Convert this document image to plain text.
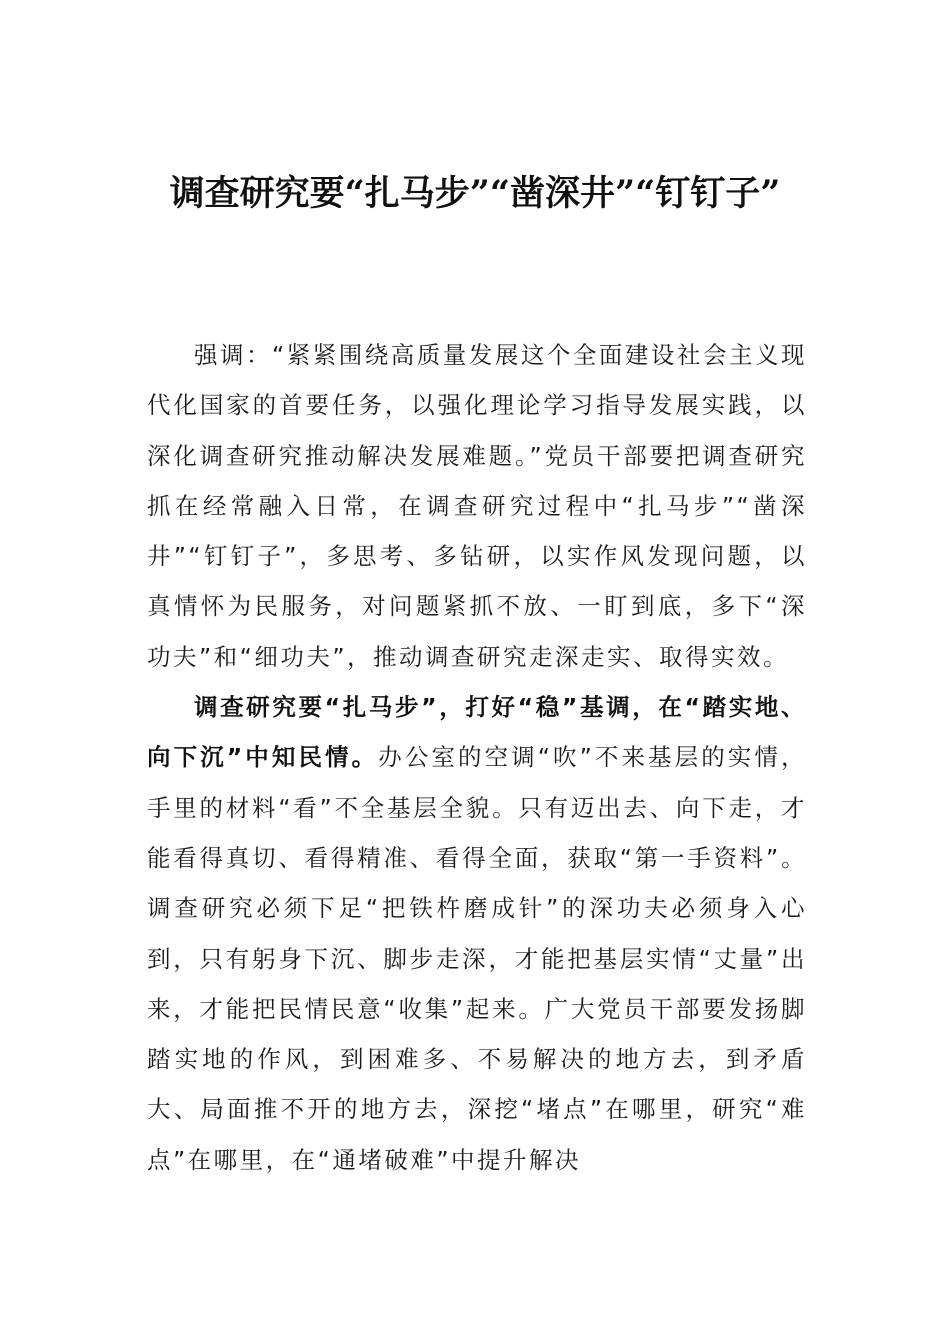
调查研究要“扎马步”“凿深井”“钉钉子”

强调：“紧紧围绕高质量发展这个全面建设社会主义现代化国家的首要任务，以强化理论学习指导发展实践，以深化调查研究推动解决发展难题。”党员干部要把调查研究抓在经常融入日常，在调查研究过程中“扎马步”“凿深井”“钉钉子”，多思考、多钻研，以实作风发现问题，以真情怀为民服务，对问题紧抓不放、一盯到底，多下“深功夫”和“细功夫”，推动调查研究走深走实、取得实效。

调查研究要“扎马步”，打好“稳”基调，在“踏实地、向下沉”中知民情。办公室的空调“吹”不来基层的实情，手里的材料“看”不全基层全貌。只有迈出去、向下走，才能看得真切、看得精准、看得全面，获取“第一手资料”。调查研究必须下足“把铁杵磨成针”的深功夫必须身入心到，只有躬身下沉、脚步走深，才能把基层实情“丈量”出来，才能把民情民意“收集”起来。广大党员干部要发扬脚踏实地的作风，到困难多、不易解决的地方去，到矛盾大、局面推不开的地方去，深挖“堵点”在哪里，研究“难点”在哪里，在“通堵破难”中提升解决
